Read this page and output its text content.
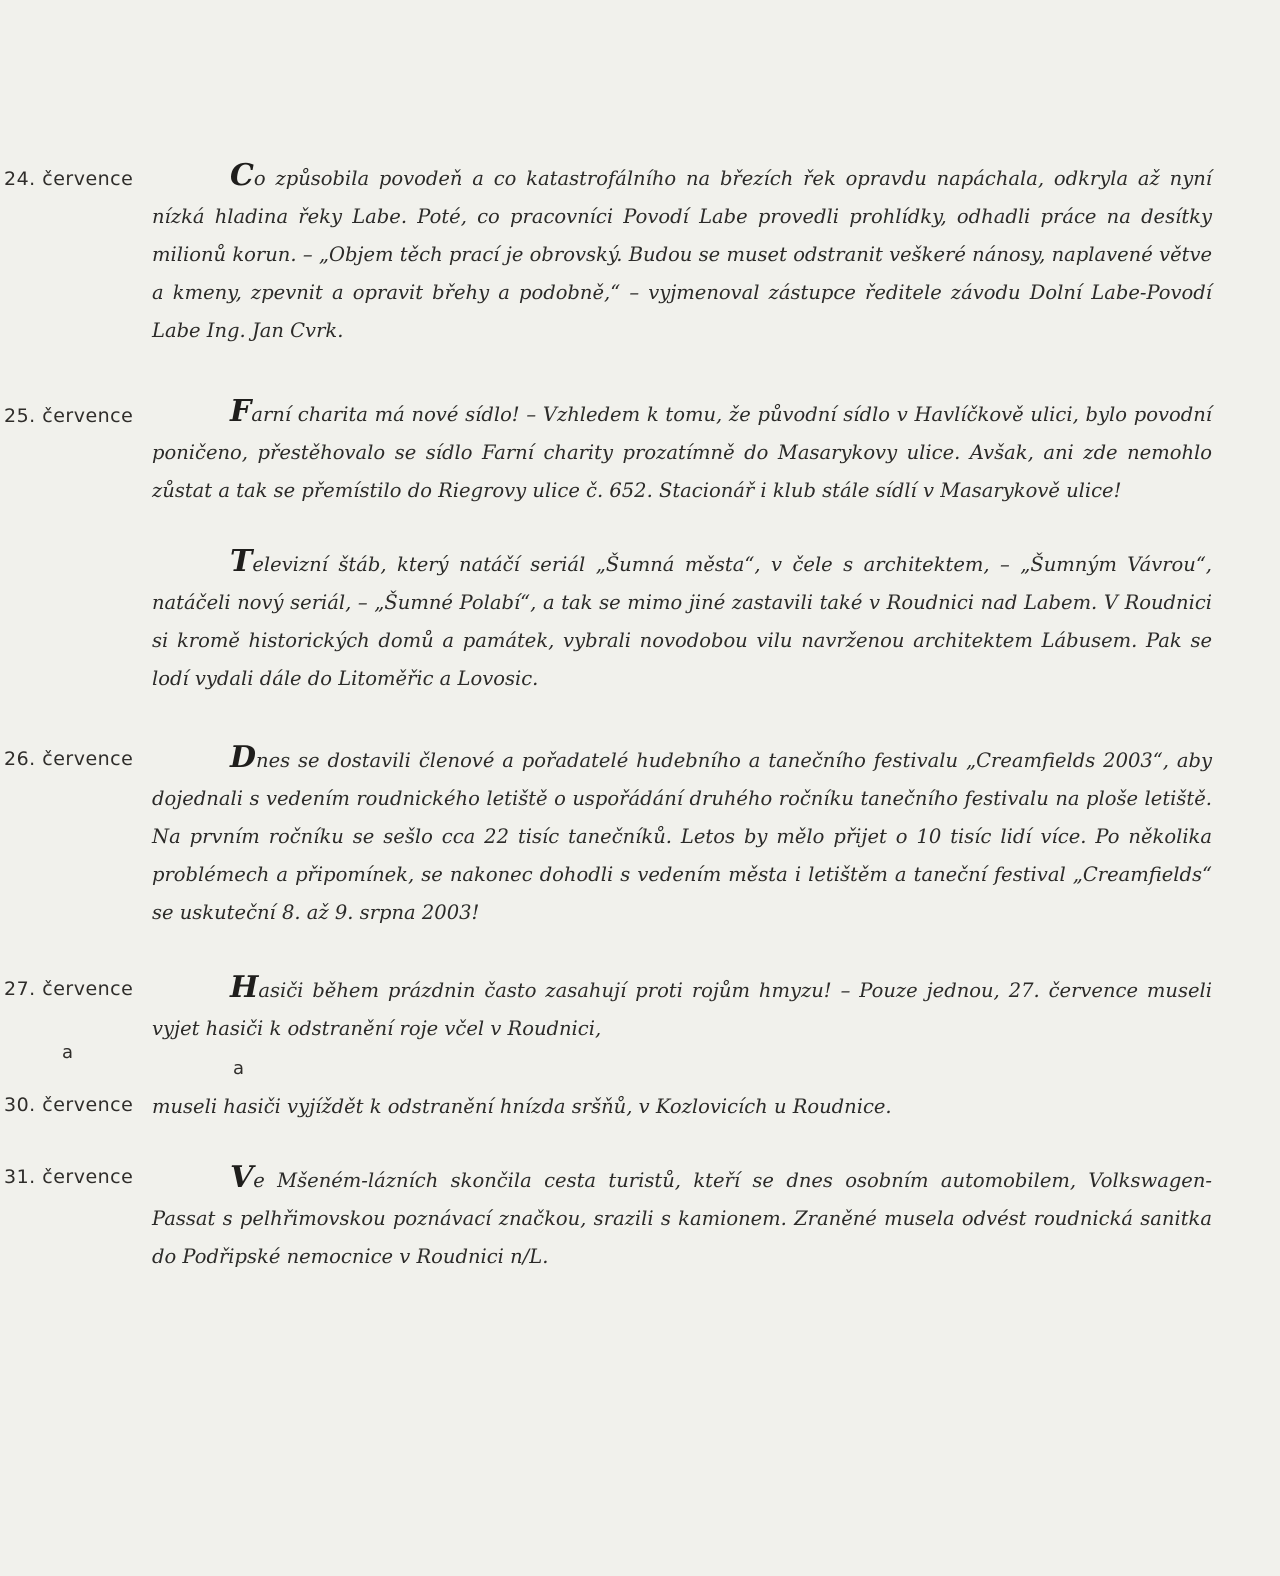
24. července	Co způsobila povodeň a co katastrofálního na březích řek opravdu napáchala, odkryla až nyní nízká hladina řeky Labe. Poté, co pracovníci Povodí Labe provedli prohlídky, odhadli práce na desítky milionů korun. – „Objem těch prací je obrovský. Budou se muset odstranit veškeré nánosy, naplavené větve a kmeny, zpevnit a opravit břehy a podobně,“ – vyjmenoval zástupce ředitele závodu Dolní Labe-Povodí Labe Ing. Jan Cvrk.

25. července	Farní charita má nové sídlo! – Vzhledem k tomu, že původní sídlo v Havlíčkově ulici, bylo povodní poničeno, přestěhovalo se sídlo Farní charity prozatímně do Masarykovy ulice. Avšak, ani zde nemohlo zůstat a tak se přemístilo do Riegrovy ulice č. 652. Stacionář i klub stále sídlí v Masarykově ulice!

Televizní štáb, který natáčí seriál „Šumná města“, v čele s architektem, – „Šumným Vávrou“, natáčeli nový seriál, – „Šumné Polabí“, a tak se mimo jiné zastavili také v Roudnici nad Labem. V Roudnici si kromě historických domů a památek, vybrali novodobou vilu navrženou architektem Lábusem. Pak se lodí vydali dále do Litoměřic a Lovosic.

26. července	Dnes se dostavili členové a pořadatelé hudebního a tanečního festivalu „Creamfields 2003“, aby dojednali s vedením roudnického letiště o uspořádání druhého ročníku tanečního festivalu na ploše letiště. Na prvním ročníku se sešlo cca 22 tisíc tanečníků. Letos by mělo přijet o 10 tisíc lidí více. Po několika problémech a připomínek, se nakonec dohodli s vedením města i letištěm a taneční festival „Creamfields“ se uskuteční 8. až 9. srpna 2003!

27. července	Hasiči během prázdnin často zasahují proti rojům hmyzu! – Pouze jednou, 27. července museli vyjet hasiči k odstranění roje včel v Roudnici,

a
a
30. července museli hasiči vyjíždět k odstranění hnízda sršňů, v Kozlovicích u Roudnice.

31. července	Ve Mšeném-lázních skončila cesta turistů, kteří se dnes osobním automobilem, Volkswagen-Passat s pelhřimovskou poznávací značkou, srazili s kamionem. Zraněné musela odvést roudnická sanitka do Podřipské nemocnice v Roudnici n/L.
